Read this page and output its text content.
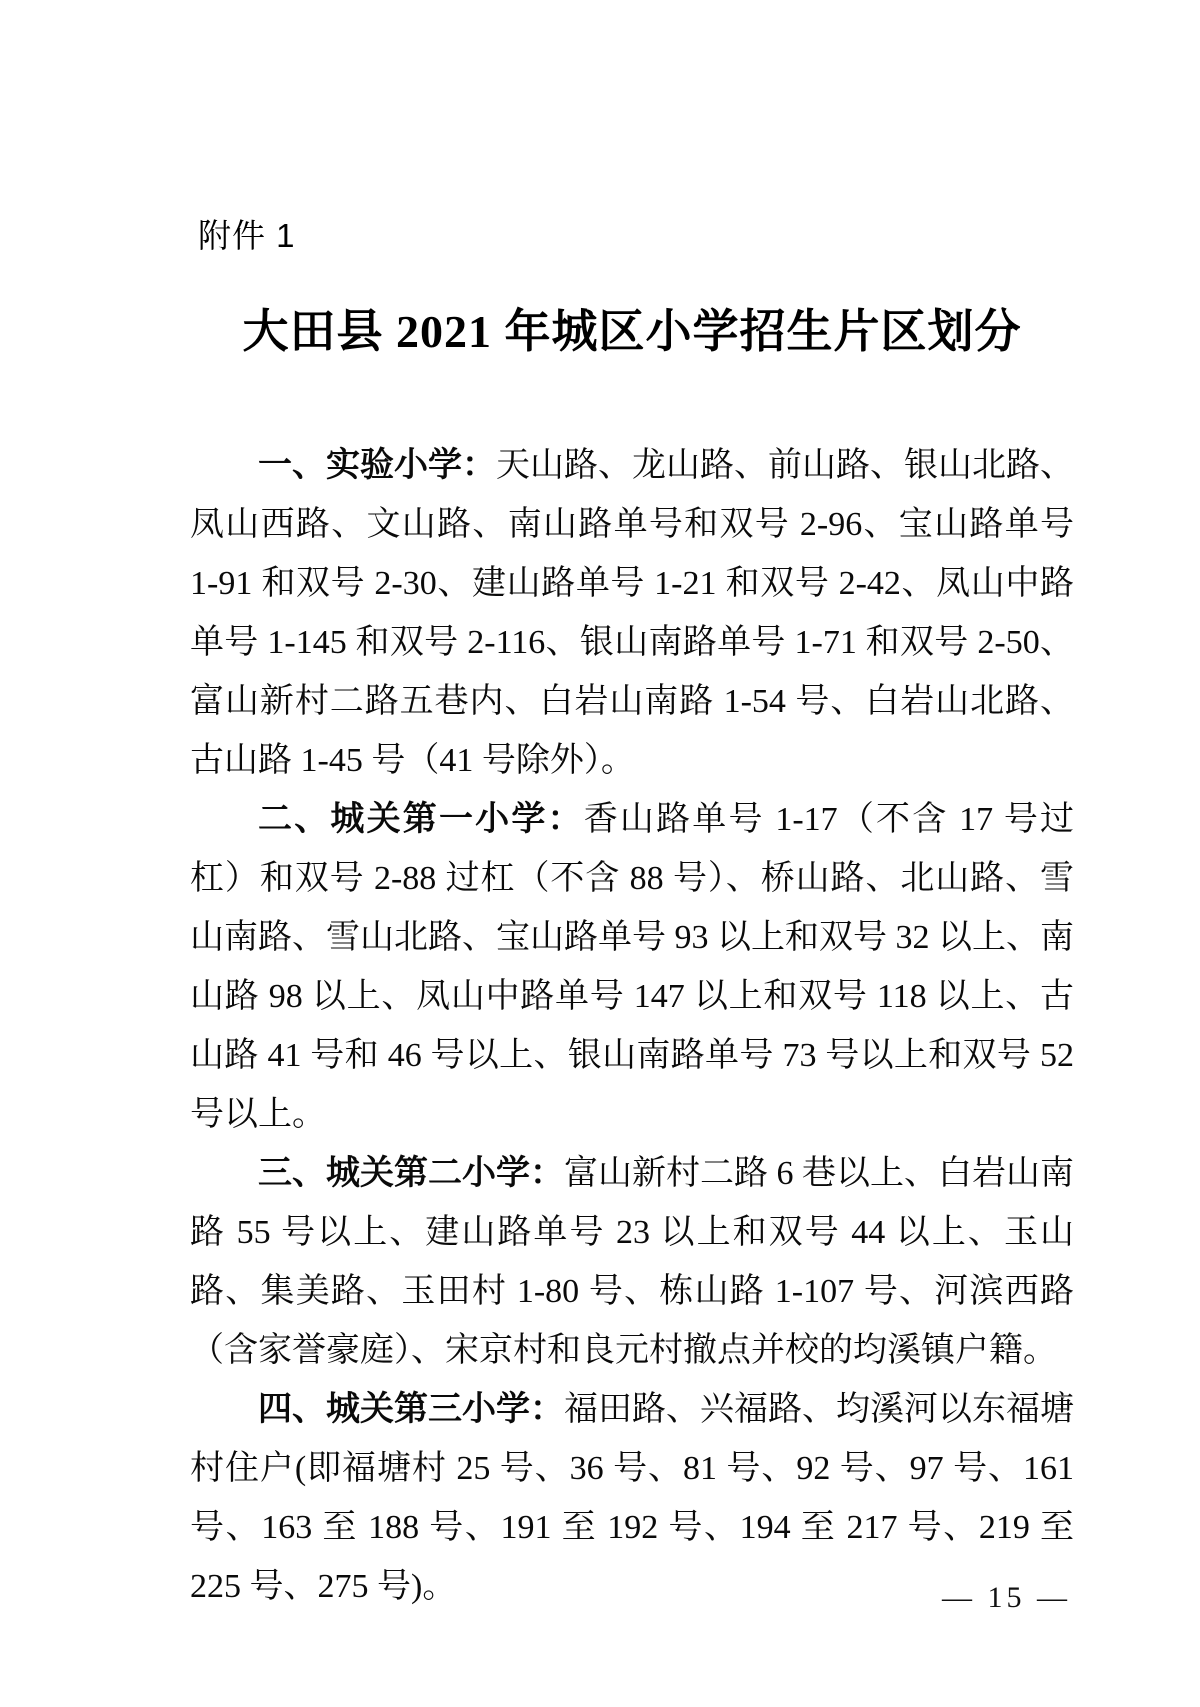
附件 1
大田县 2021 年城区小学招生片区划分

一、实验小学：天山路、龙山路、前山路、银山北路、凤山西路、文山路、南山路单号和双号 2-96、宝山路单号 1-91 和双号 2-30、建山路单号 1-21 和双号 2-42、凤山中路单号 1-145 和双号 2-116、银山南路单号 1-71 和双号 2-50、富山新村二路五巷内、白岩山南路 1-54 号、白岩山北路、古山路 1-45 号（41 号除外）。

二、城关第一小学：香山路单号 1-17（不含 17 号过杠）和双号 2-88 过杠（不含 88 号）、桥山路、北山路、雪山南路、雪山北路、宝山路单号 93 以上和双号 32 以上、南山路 98 以上、凤山中路单号 147 以上和双号 118 以上、古山路 41 号和 46 号以上、银山南路单号 73 号以上和双号 52 号以上。

三、城关第二小学：富山新村二路 6 巷以上、白岩山南路 55 号以上、建山路单号 23 以上和双号 44 以上、玉山路、集美路、玉田村 1-80 号、栋山路 1-107 号、河滨西路（含家誉豪庭）、宋京村和良元村撤点并校的均溪镇户籍。

四、城关第三小学：福田路、兴福路、均溪河以东福塘村住户(即福塘村 25 号、36 号、81 号、92 号、97 号、161 号、163 至 188 号、191 至 192 号、194 至 217 号、219 至 225 号、275 号)。	— 15 —
